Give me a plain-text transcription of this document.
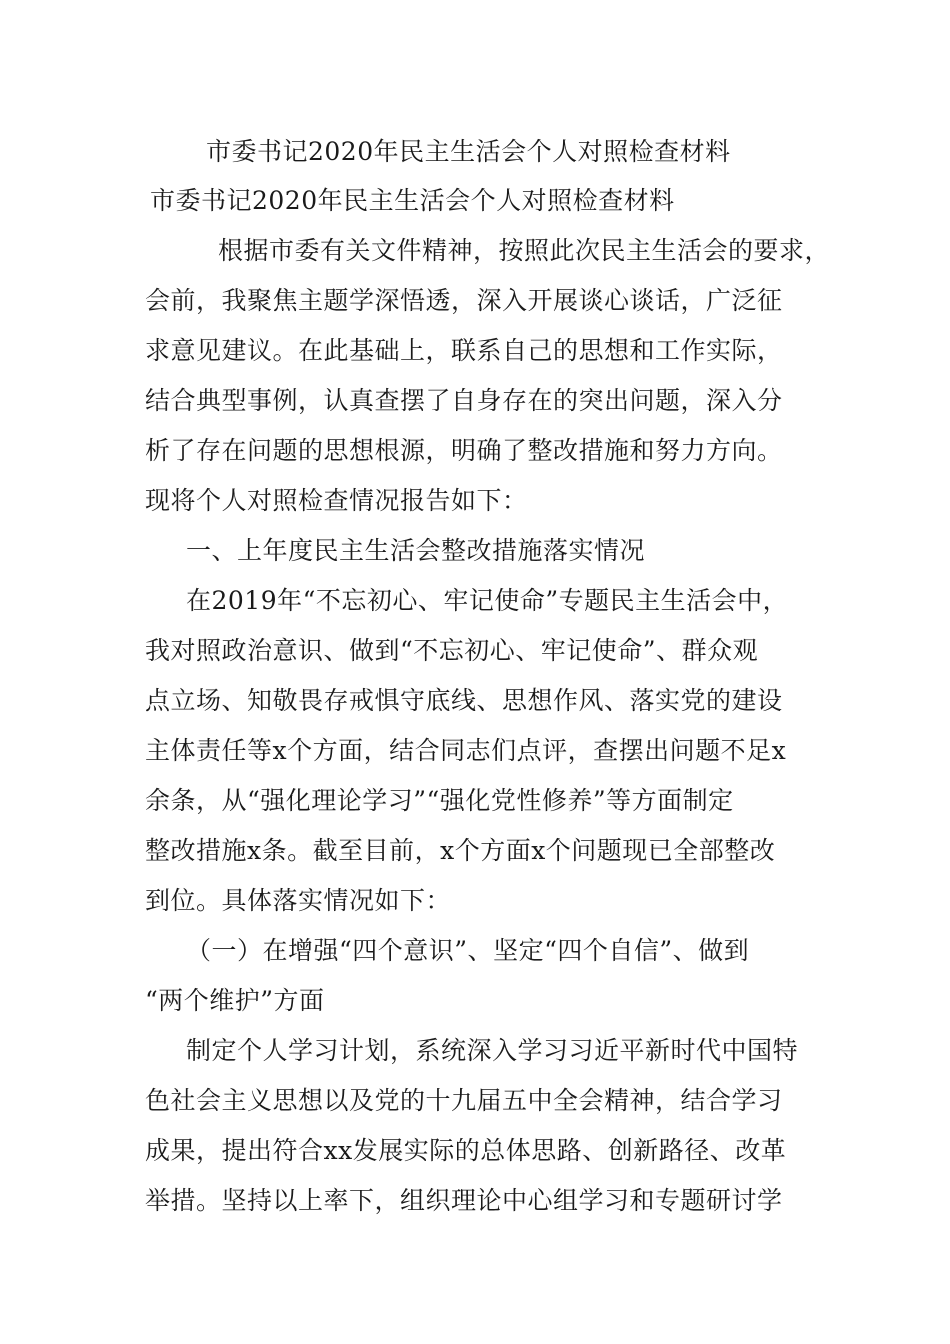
市委书记2020年民主生活会个人对照检查材料
市委书记2020年民主生活会个人对照检查材料
根据市委有关文件精神，按照此次民主生活会的要求，
会前，我聚焦主题学深悟透，深入开展谈心谈话，广泛征
求意见建议。在此基础上，联系自己的思想和工作实际，
结合典型事例，认真查摆了自身存在的突出问题，深入分
析了存在问题的思想根源，明确了整改措施和努力方向。
现将个人对照检查情况报告如下：
一、上年度民主生活会整改措施落实情况
在2019年“不忘初心、牢记使命”专题民主生活会中，
我对照政治意识、做到“不忘初心、牢记使命”、群众观
点立场、知敬畏存戒惧守底线、思想作风、落实党的建设
主体责任等x个方面，结合同志们点评，查摆出问题不足x
余条，从“强化理论学习”“强化党性修养”等方面制定
整改措施x条。截至目前，x个方面x个问题现已全部整改
到位。具体落实情况如下：
（一）在增强“四个意识”、坚定“四个自信”、做到
“两个维护”方面
制定个人学习计划，系统深入学习习近平新时代中国特
色社会主义思想以及党的十九届五中全会精神，结合学习
成果，提出符合xx发展实际的总体思路、创新路径、改革
举措。坚持以上率下，组织理论中心组学习和专题研讨学
